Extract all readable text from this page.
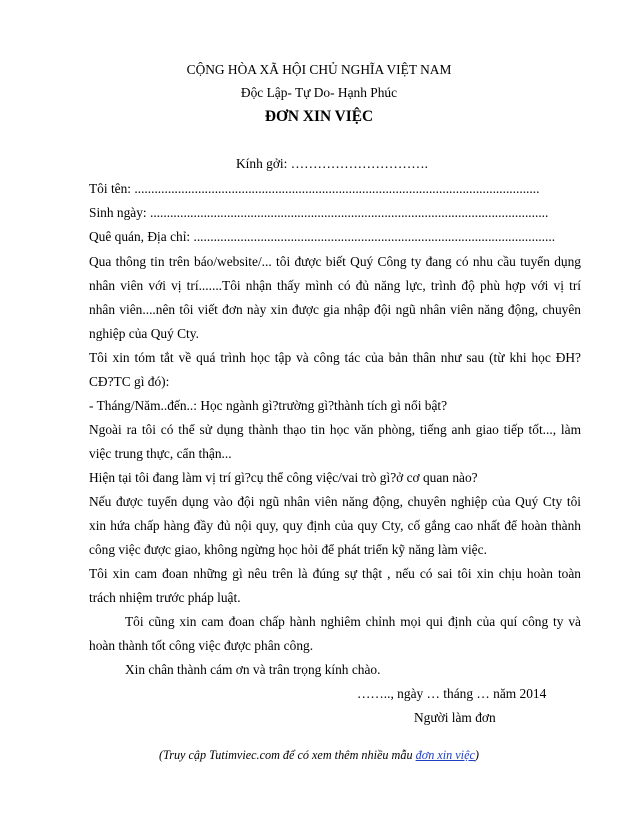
CỘNG HÒA XÃ HỘI CHỦ NGHĨA VIỆT NAM
Độc Lập- Tự Do- Hạnh Phúc
ĐƠN XIN VIỆC
Kính gởi: ………………………….
Tôi tên: .........................................................................................................................
Sinh ngày: .......................................................................................................................
Quê quán, Địa chỉ: ............................................................................................................
Qua thông tin trên báo/website/... tôi được biết Quý Công ty đang có nhu cầu tuyển dụng
nhân viên với vị trí.......Tôi nhận thấy mình có đủ năng lực, trình độ phù hợp với vị trí
nhân viên....nên tôi viết đơn này xin được gia nhập đội ngũ nhân viên năng động, chuyên
nghiệp của Quý Cty.
Tôi xin tóm tắt về quá trình học tập và công tác của bản thân như sau (từ khi học ĐH?
CĐ?TC gì đó):
- Tháng/Năm..đến..: Học ngành gì?trường gì?thành tích gì nổi bật?
Ngoài ra tôi có thể sử dụng thành thạo tin học văn phòng, tiếng anh giao tiếp tốt..., làm
việc trung thực, cẩn thận...
Hiện tại tôi đang làm vị trí gì?cụ thể công việc/vai trò gì?ở cơ quan nào?
Nếu được tuyển dụng vào đội ngũ nhân viên năng động, chuyên nghiệp của Quý Cty tôi
xin hứa chấp hàng đầy đủ nội quy, quy định của quy Cty, cố gắng cao nhất để hoàn thành
công việc được giao, không ngừng học hỏi để phát triển kỹ năng làm việc.
Tôi xin cam đoan những gì nêu trên là đúng sự thật , nếu có sai tôi xin chịu hoàn toàn
trách nhiệm trước pháp luật.
Tôi cũng xin cam đoan chấp hành nghiêm chỉnh mọi qui định của quí công ty và
hoàn thành tốt công việc được phân công.
Xin chân thành cám ơn và trân trọng kính chào.
…….., ngày … tháng … năm 2014
Người làm đơn
(Truy cập Tutimviec.com để có xem thêm nhiều mẫu đơn xin việc)
